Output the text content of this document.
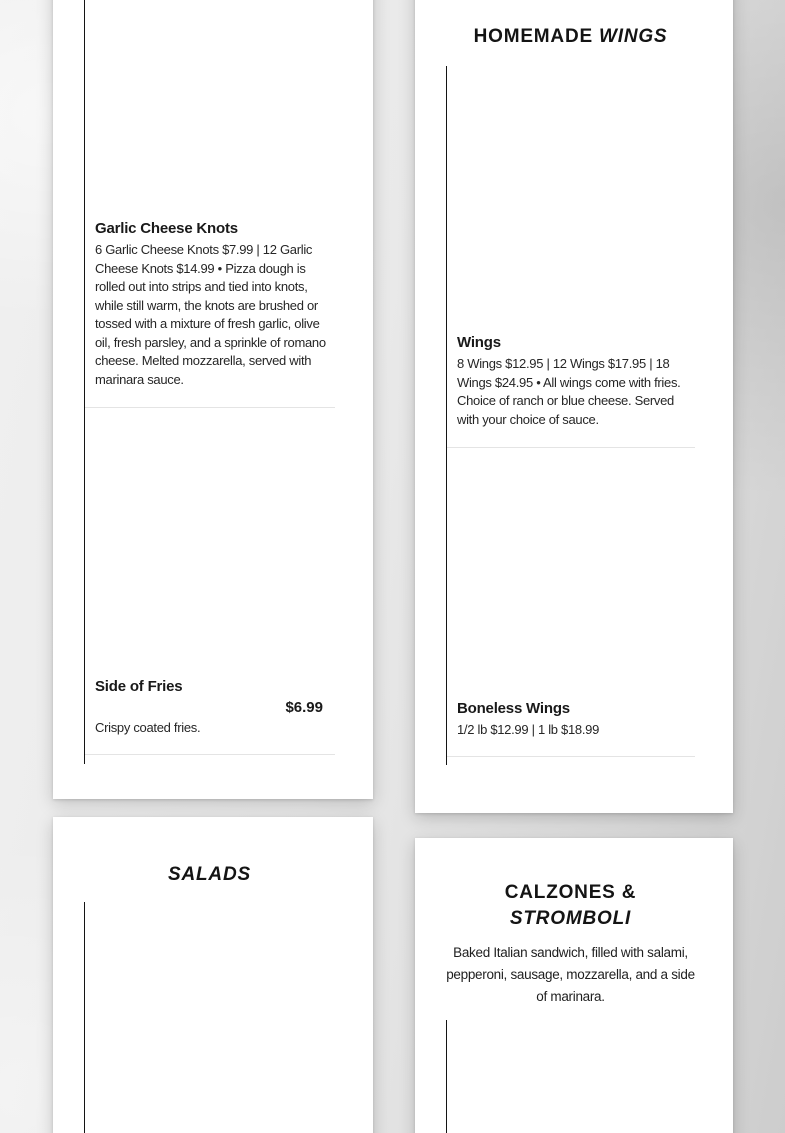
Garlic Cheese Knots
6 Garlic Cheese Knots $7.99 | 12 Garlic Cheese Knots $14.99 • Pizza dough is rolled out into strips and tied into knots, while still warm, the knots are brushed or tossed with a mixture of fresh garlic, olive oil, fresh parsley, and a sprinkle of romano cheese. Melted mozzarella, served with marinara sauce.
Side of Fries
$6.99
Crispy coated fries.
HOMEMADE WINGS
Wings
8 Wings $12.95 | 12 Wings $17.95 | 18 Wings $24.95 • All wings come with fries. Choice of ranch or blue cheese. Served with your choice of sauce.
Boneless Wings
1/2 lb $12.99 | 1 lb $18.99
SALADS
CALZONES & STROMBOLI

Baked Italian sandwich, filled with salami, pepperoni, sausage, mozzarella, and a side of marinara.
